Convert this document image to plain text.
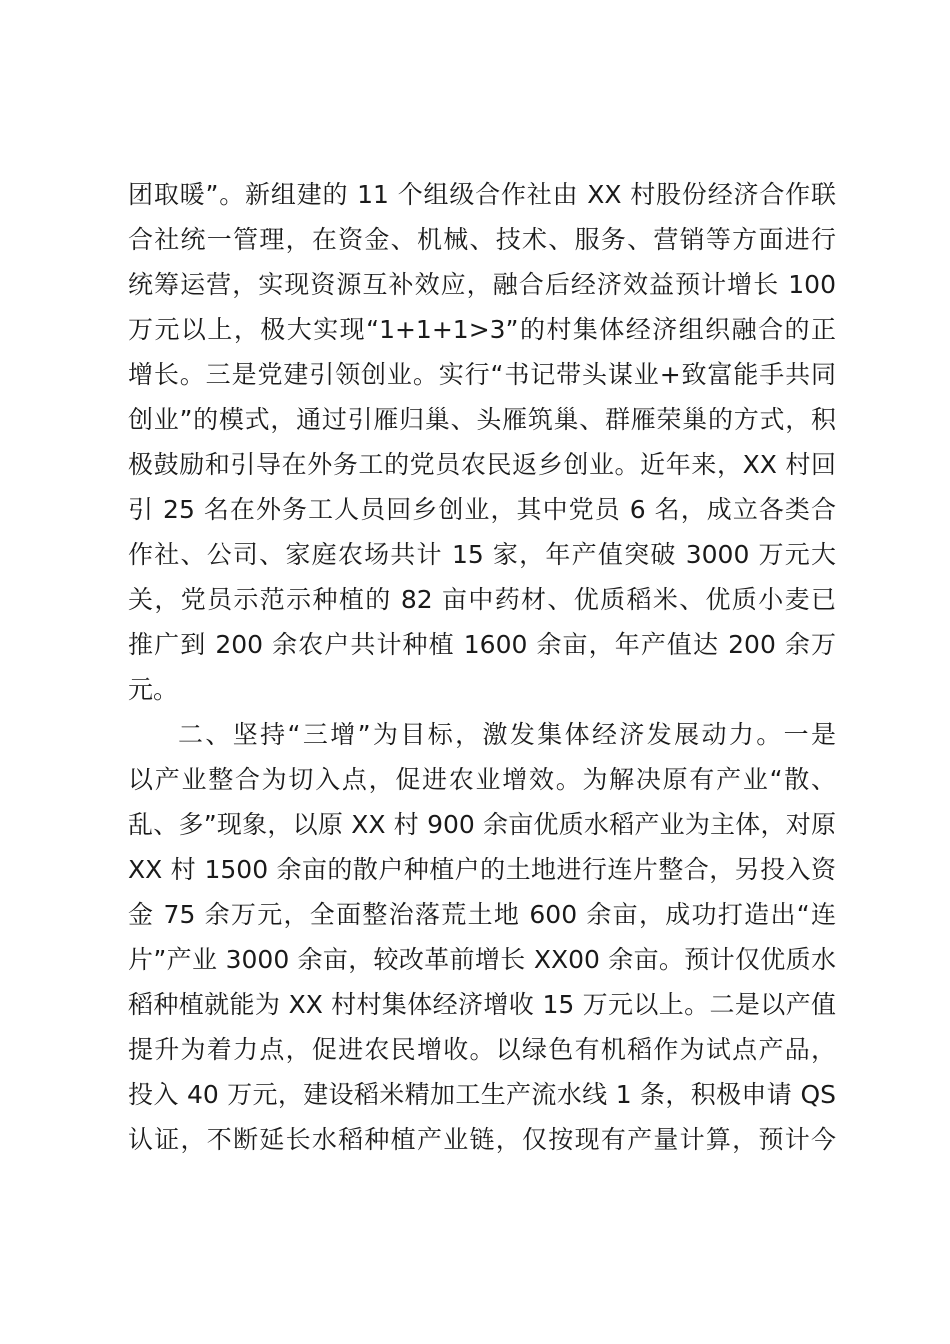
团取暖”。新组建的 11 个组级合作社由 XX 村股份经济合作联
合社统一管理，在资金、机械、技术、服务、营销等方面进行
统筹运营，实现资源互补效应，融合后经济效益预计增长 100
万元以上，极大实现“1+1+1>3”的村集体经济组织融合的正
增长。三是党建引领创业。实行“书记带头谋业+致富能手共同
创业”的模式，通过引雁归巢、头雁筑巢、群雁荣巢的方式，积
极鼓励和引导在外务工的党员农民返乡创业。近年来，XX 村回
引 25 名在外务工人员回乡创业，其中党员 6 名，成立各类合
作社、公司、家庭农场共计 15 家，年产值突破 3000 万元大
关，党员示范示种植的 82 亩中药材、优质稻米、优质小麦已
推广到 200 余农户共计种植 1600 余亩，年产值达 200 余万
元。
二、坚持“三增”为目标，激发集体经济发展动力。一是
以产业整合为切入点，促进农业增效。为解决原有产业“散、
乱、多”现象，以原 XX 村 900 余亩优质水稻产业为主体，对原
XX 村 1500 余亩的散户种植户的土地进行连片整合，另投入资
金 75 余万元，全面整治落荒土地 600 余亩，成功打造出“连
片”产业 3000 余亩，较改革前增长 XX00 余亩。预计仅优质水
稻种植就能为 XX 村村集体经济增收 15 万元以上。二是以产值
提升为着力点，促进农民增收。以绿色有机稻作为试点产品，
投入 40 万元，建设稻米精加工生产流水线 1 条，积极申请 QS
认证，不断延长水稻种植产业链，仅按现有产量计算，预计今
